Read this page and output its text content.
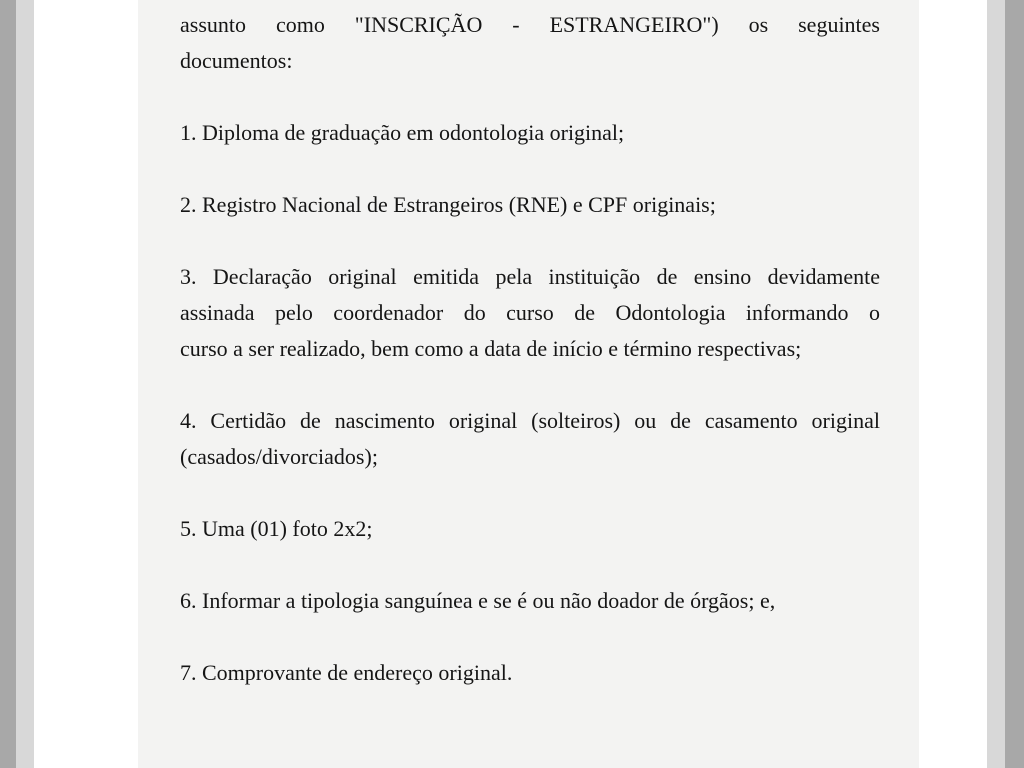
assunto como "INSCRIÇÃO - ESTRANGEIRO") os seguintes
documentos:
1. Diploma de graduação em odontologia original;
2. Registro Nacional de Estrangeiros (RNE) e CPF originais;
3. Declaração original emitida pela instituição de ensino devidamente
assinada pelo coordenador do curso de Odontologia informando o
curso a ser realizado, bem como a data de início e término respectivas;
4. Certidão de nascimento original (solteiros) ou de casamento original
(casados/divorciados);
5. Uma (01) foto 2x2;
6. Informar a tipologia sanguínea e se é ou não doador de órgãos; e,
7. Comprovante de endereço original.
